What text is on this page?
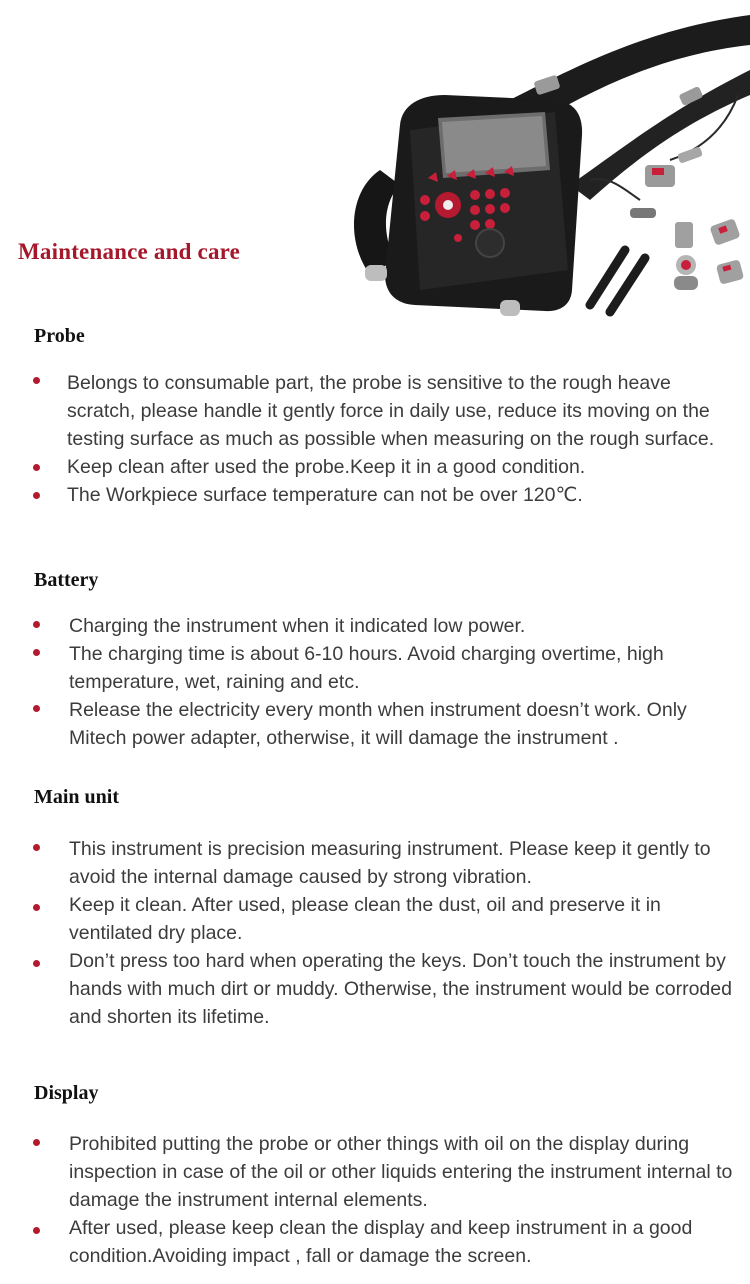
Maintenance and care
Probe
Belongs to consumable part, the probe is sensitive to the rough heave scratch, please handle it gently force in daily use, reduce its moving on the testing surface as much as possible when measuring on the rough surface.
Keep clean after used the probe.Keep it in a good condition.
The Workpiece surface temperature can not be over 120℃.
Battery
Charging the instrument when it indicated low power.
The charging time is about 6-10 hours. Avoid charging overtime, high temperature, wet, raining and etc.
Release the electricity every month when instrument doesn’t work. Only Mitech power adapter, otherwise, it will damage the instrument .
Main unit
This instrument is precision measuring instrument. Please keep it gently to avoid the internal damage caused by strong vibration.
Keep it clean. After used, please clean the dust, oil and preserve it in ventilated dry place.
Don’t press too hard when operating the keys. Don’t touch the instrument by hands with much dirt or muddy. Otherwise, the instrument would be corroded and shorten its lifetime.
Display
Prohibited putting the probe or other things with oil on the display during inspection in case of the oil or other liquids entering the instrument internal to damage the instrument internal elements.
After used, please keep clean the display and keep instrument in a good condition.Avoiding impact , fall or damage the screen.
